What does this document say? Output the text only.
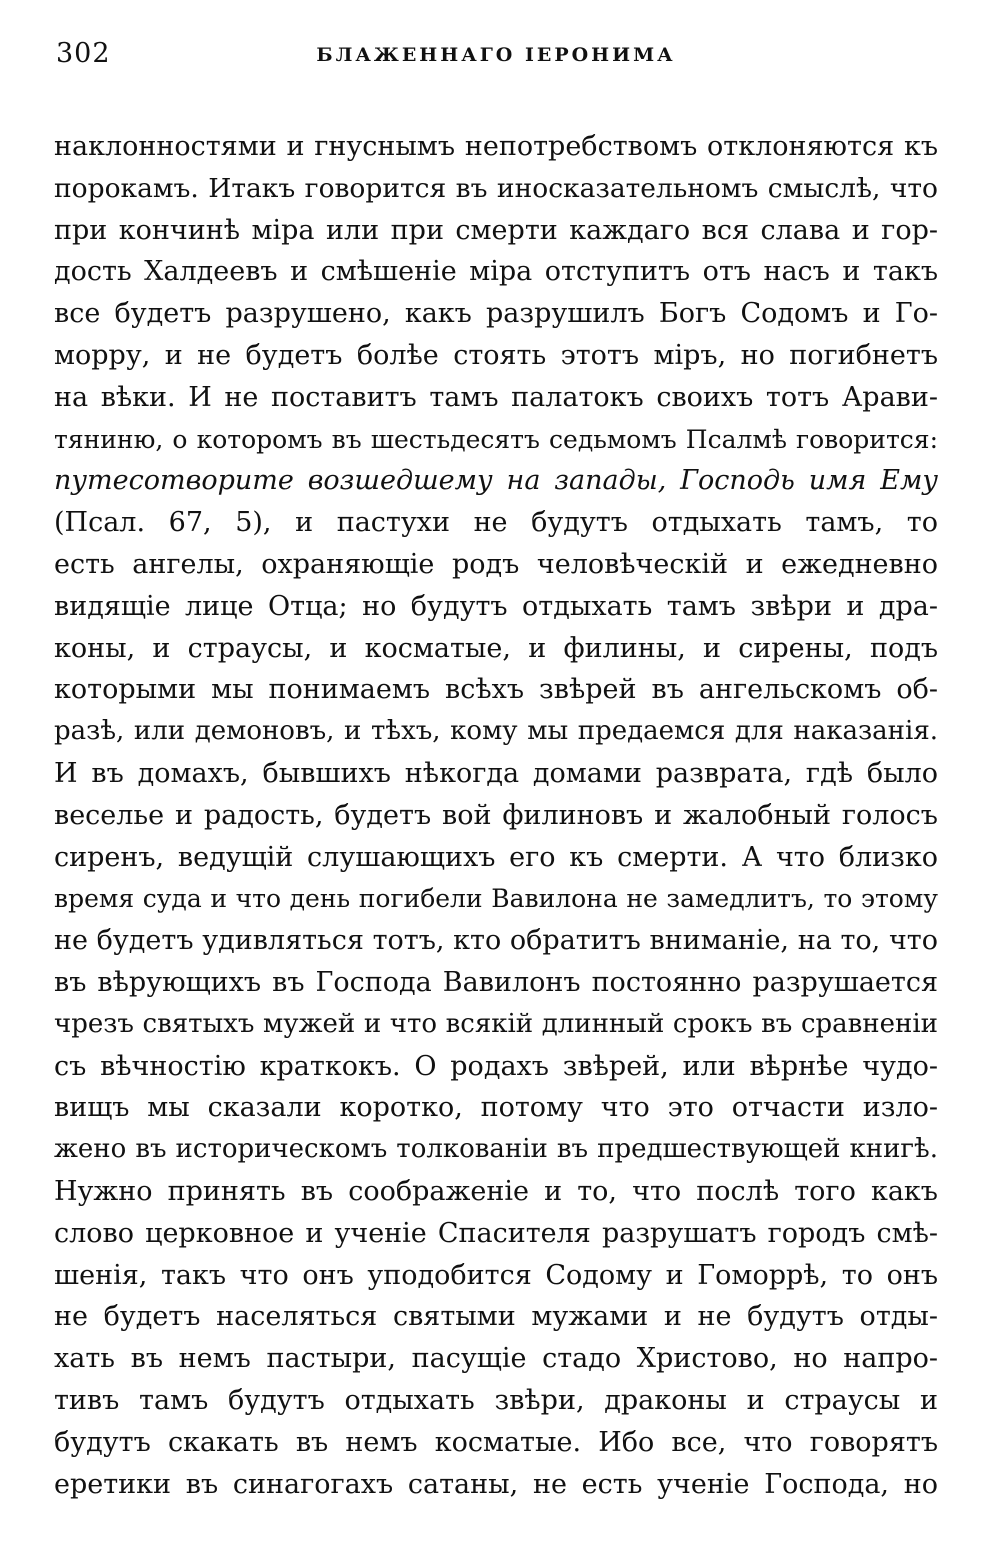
302	БЛАЖЕННАГО ІЕРОНИМА
наклонностями и гнуснымъ непотребствомъ отклоняются къ
порокамъ. Итакъ говорится въ иносказательномъ смыслѣ, что
при кончинѣ міра или при смерти каждаго вся слава и гор-
дость Халдеевъ и смѣшеніе міра отступитъ отъ насъ и такъ
все будетъ разрушено, какъ разрушилъ Богъ Содомъ и Го-
морру, и не будетъ болѣе стоять этотъ міръ, но погибнетъ
на вѣки. И не поставитъ тамъ палатокъ своихъ тотъ Арави-
тяниню, о которомъ въ шестьдесятъ седьмомъ Псалмѣ говорится:
путесотворите возшедшему на запады, Господь имя Ему
(Псал. 67, 5), и пастухи не будутъ отдыхать тамъ, то
есть ангелы, охраняющіе родъ человѣческій и ежедневно
видящіе лице Отца; но будутъ отдыхать тамъ звѣри и дра-
коны, и страусы, и косматые, и филины, и сирены, подъ
которыми мы понимаемъ всѣхъ звѣрей въ ангельскомъ об-
разѣ, или демоновъ, и тѣхъ, кому мы предаемся для наказанія.
И въ домахъ, бывшихъ нѣкогда домами разврата, гдѣ было
веселье и радость, будетъ вой филиновъ и жалобный голосъ
сиренъ, ведущій слушающихъ его къ смерти. А что близко
время суда и что день погибели Вавилона не замедлитъ, то этому
не будетъ удивляться тотъ, кто обратитъ вниманіе, на то, что
въ вѣрующихъ въ Господа Вавилонъ постоянно разрушается
чрезъ святыхъ мужей и что всякій длинный срокъ въ сравненіи
съ вѣчностію краткокъ. О родахъ звѣрей, или вѣрнѣе чудо-
вищъ мы сказали коротко, потому что это отчасти изло-
жено въ историческомъ толкованіи въ предшествующей книгѣ.
Нужно принять въ соображеніе и то, что послѣ того какъ
слово церковное и ученіе Спасителя разрушатъ городъ смѣ-
шенія, такъ что онъ уподобится Содому и Гоморрѣ, то онъ
не будетъ населяться святыми мужами и не будутъ отды-
хать въ немъ пастыри, пасущіе стадо Христово, но напро-
тивъ тамъ будутъ отдыхать звѣри, драконы и страусы и
будутъ скакать въ немъ косматые. Ибо все, что говорятъ
еретики въ синагогахъ сатаны, не есть ученіе Господа, но
